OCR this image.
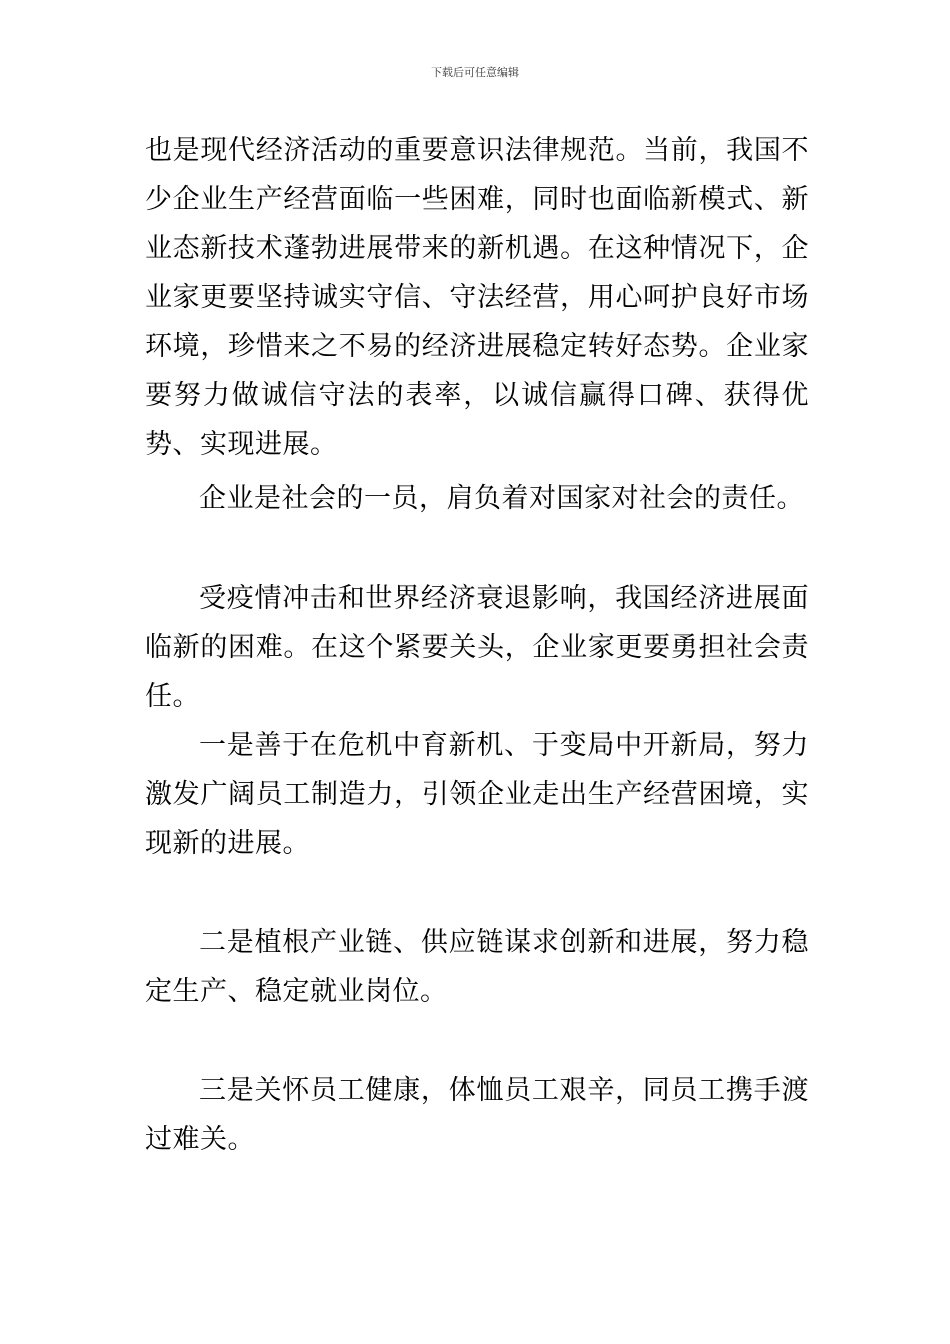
下载后可任意编辑

也是现代经济活动的重要意识法律规范。当前，我国不少企业生产经营面临一些困难，同时也面临新模式、新业态新技术蓬勃进展带来的新机遇。在这种情况下，企业家更要坚持诚实守信、守法经营，用心呵护良好市场环境，珍惜来之不易的经济进展稳定转好态势。企业家要努力做诚信守法的表率，以诚信赢得口碑、获得优势、实现进展。

企业是社会的一员，肩负着对国家对社会的责任。

受疫情冲击和世界经济衰退影响，我国经济进展面临新的困难。在这个紧要关头，企业家更要勇担社会责任。

一是善于在危机中育新机、于变局中开新局，努力激发广阔员工制造力，引领企业走出生产经营困境，实现新的进展。

二是植根产业链、供应链谋求创新和进展，努力稳定生产、稳定就业岗位。

三是关怀员工健康，体恤员工艰辛，同员工携手渡过难关。
